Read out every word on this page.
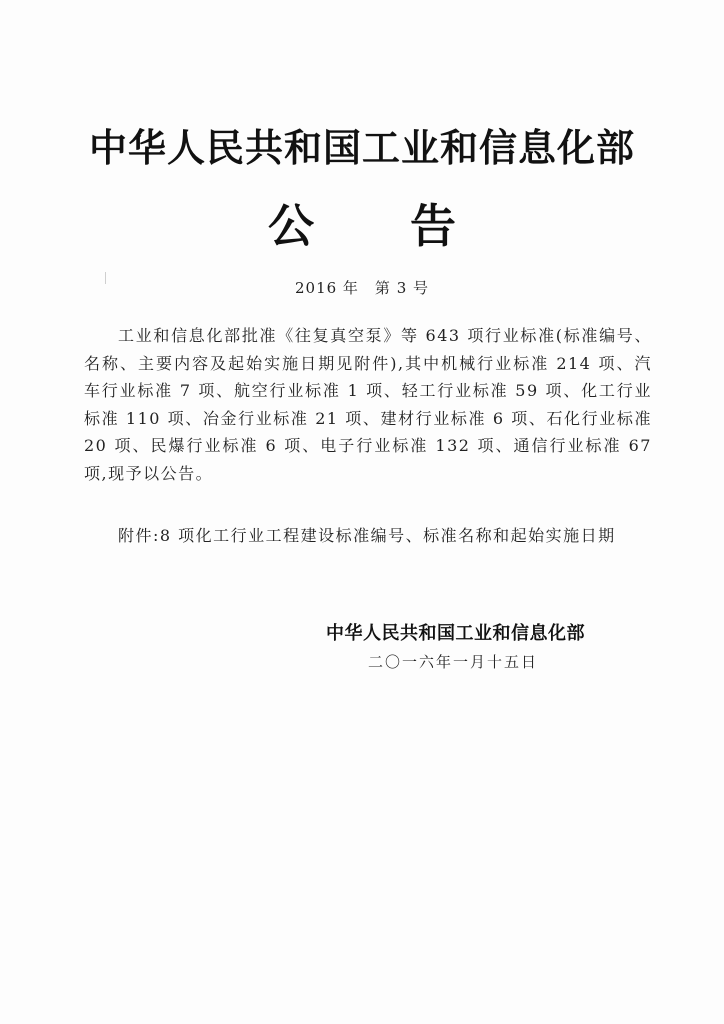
中华人民共和国工业和信息化部
公 告
2016 年　第 3 号

工业和信息化部批准《往复真空泵》等 643 项行业标准(标准编号、名称、主要内容及起始实施日期见附件),其中机械行业标准 214 项、汽车行业标准 7 项、航空行业标准 1 项、轻工行业标准 59 项、化工行业标准 110 项、冶金行业标准 21 项、建材行业标准 6 项、石化行业标准 20 项、民爆行业标准 6 项、电子行业标准 132 项、通信行业标准 67 项,现予以公告。

附件:8 项化工行业工程建设标准编号、标准名称和起始实施日期

中华人民共和国工业和信息化部
二〇一六年一月十五日
